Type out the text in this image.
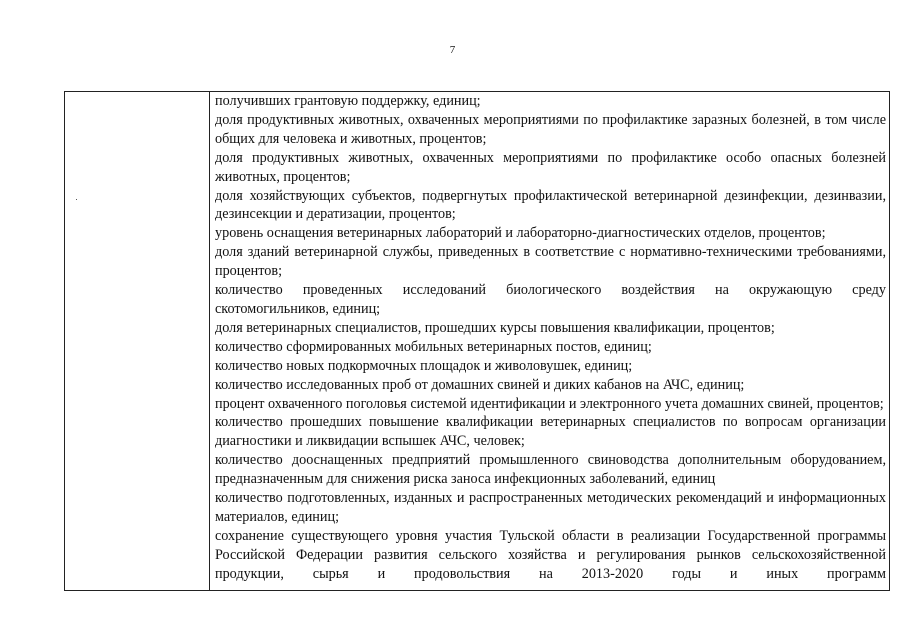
7

получивших грантовую поддержку, единиц;

доля продуктивных животных, охваченных мероприятиями по профилактике заразных болезней, в том числе общих для человека и животных, процентов;

доля продуктивных животных, охваченных мероприятиями по профилактике особо опасных болезней животных, процентов;

доля хозяйствующих субъектов, подвергнутых профилактической ветеринарной дезинфекции, дезинвазии, дезинсекции и дератизации, процентов;

уровень оснащения ветеринарных лабораторий и лабораторно-диагностических отделов, процентов;

доля зданий ветеринарной службы, приведенных в соответствие с нормативно-техническими требованиями, процентов;

количество проведенных исследований биологического воздействия на окружающую среду скотомогильников, единиц;

доля ветеринарных специалистов, прошедших курсы повышения квалификации, процентов;

количество сформированных мобильных ветеринарных постов, единиц;

количество новых подкормочных площадок и живоловушек, единиц;

количество исследованных проб от домашних свиней и диких кабанов на АЧС, единиц;

процент охваченного поголовья системой идентификации и электронного учета домашних свиней, процентов;

количество прошедших повышение квалификации ветеринарных специалистов по вопросам организации диагностики и ликвидации вспышек АЧС, человек;

количество дооснащенных предприятий промышленного свиноводства дополнительным оборудованием, предназначенным для снижения риска заноса инфекционных заболеваний, единиц

количество подготовленных, изданных и распространенных методических рекомендаций и информационных материалов, единиц;

сохранение существующего уровня участия Тульской области в реализации Государственной программы Российской Федерации развития сельского хозяйства и регулирования рынков сельскохозяйственной продукции, сырья и продовольствия на 2013-2020 годы и иных программ
